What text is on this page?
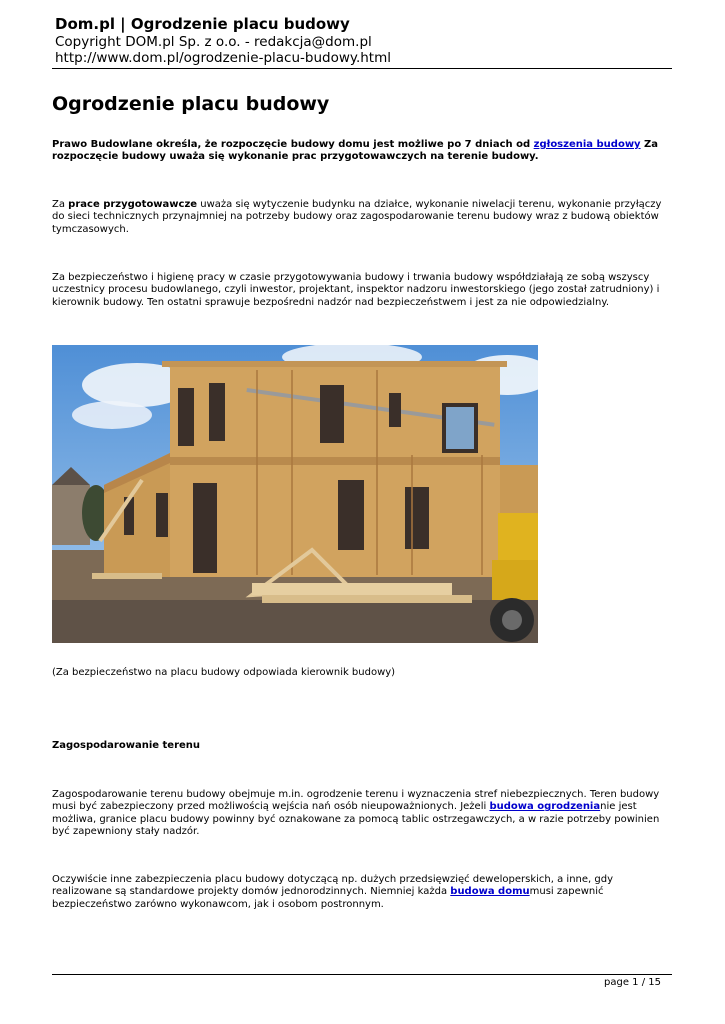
Dom.pl | Ogrodzenie placu budowy
Copyright DOM.pl Sp. z o.o. - redakcja@dom.pl
http://www.dom.pl/ogrodzenie-placu-budowy.html
Ogrodzenie placu budowy

Prawo Budowlane określa, że rozpoczęcie budowy domu jest możliwe po 7 dniach od zgłoszenia budowy Za rozpoczęcie budowy uważa się wykonanie prac przygotowawczych na terenie budowy.

Za prace przygotowawcze uważa się wytyczenie budynku na działce, wykonanie niwelacji terenu, wykonanie przyłączy do sieci technicznych przynajmniej na potrzeby budowy oraz zagospodarowanie terenu budowy wraz z budową obiektów tymczasowych.

Za bezpieczeństwo i higienę pracy w czasie przygotowywania budowy i trwania budowy współdziałają ze sobą wszyscy uczestnicy procesu budowlanego, czyli inwestor, projektant, inspektor nadzoru inwestorskiego (jego został zatrudniony) i kierownik budowy. Ten ostatni sprawuje bezpośredni nadzór nad bezpieczeństwem i jest za nie odpowiedzialny.

(Za bezpieczeństwo na placu budowy odpowiada kierownik budowy)

Zagospodarowanie terenu

Zagospodarowanie terenu budowy obejmuje m.in. ogrodzenie terenu i wyznaczenia stref niebezpiecznych. Teren budowy musi być zabezpieczony przed możliwością wejścia nań osób nieupoważnionych. Jeżeli budowa ogrodzenianie jest możliwa, granice placu budowy powinny być oznakowane za pomocą tablic ostrzegawczych, a w razie potrzeby powinien być zapewniony stały nadzór.

Oczywiście inne zabezpieczenia placu budowy dotyczącą np. dużych przedsięwzięć deweloperskich, a inne, gdy realizowane są standardowe projekty domów jednorodzinnych. Niemniej każda budowa domumusi zapewnić bezpieczeństwo zarówno wykonawcom, jak i osobom postronnym.

page 1 / 15
